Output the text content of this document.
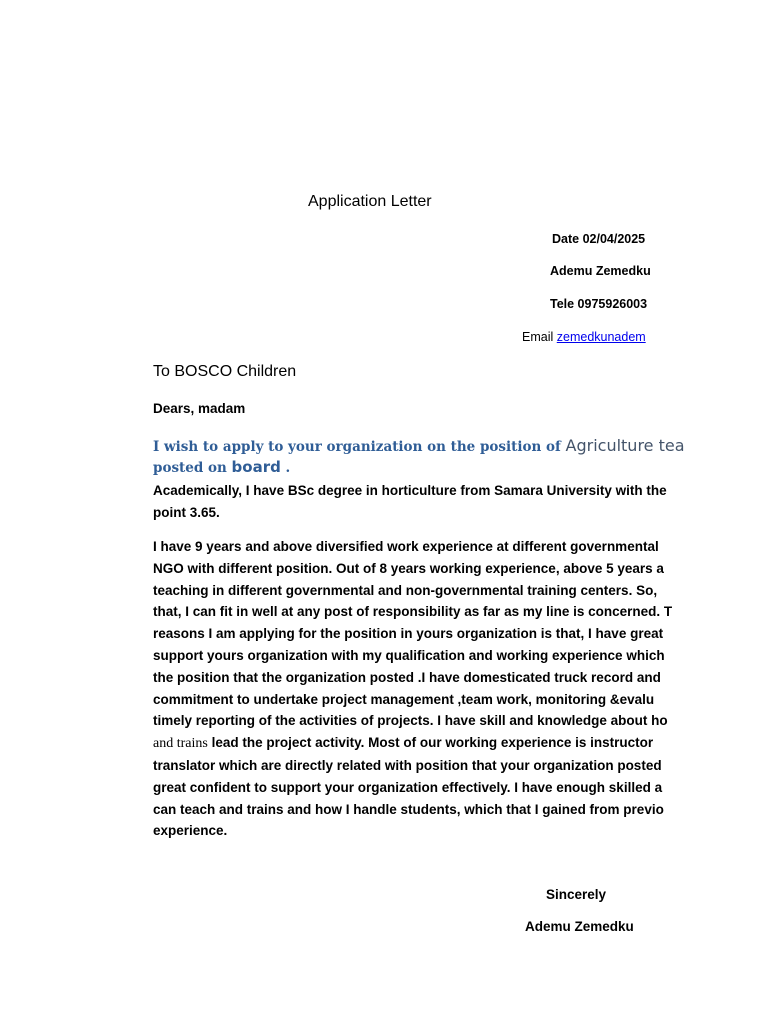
Application Letter
Date 02/04/2025
Ademu Zemedku
Tele 0975926003
Email zemedkunadem
To BOSCO Children
Dears, madam
I wish to apply to your organization on the position of Agriculture tea
posted on board .
Academically, I have BSc degree in horticulture from Samara University with the
point 3.65.
I have 9 years and above diversified work experience at different governmental
NGO with different position. Out of 8 years working experience, above 5 years a
teaching in different governmental and non-governmental training centers. So,
that, I can fit in well at any post of responsibility as far as my line is concerned. T
reasons I am applying for the position in yours organization is that, I have great
support yours organization with my qualification and working experience which
the position that the organization posted .I have domesticated truck record and
commitment to undertake project management ,team work, monitoring &evalu
timely reporting of the activities of projects. I have skill and knowledge about ho
and trains lead the project activity. Most of our working experience is instructor
translator which are directly related with position that your organization posted
great confident to support your organization effectively. I have enough skilled a
can teach and trains and how I handle students, which that I gained from previo
experience.
Sincerely
Ademu Zemedku
